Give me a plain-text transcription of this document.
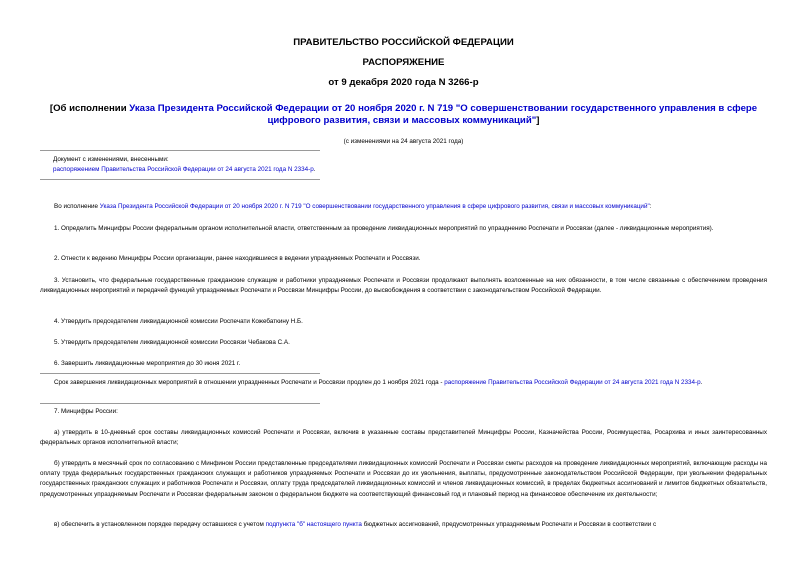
ПРАВИТЕЛЬСТВО РОССИЙСКОЙ ФЕДЕРАЦИИ
РАСПОРЯЖЕНИЕ
от 9 декабря 2020 года N 3266-р
[Об исполнении Указа Президента Российской Федерации от 20 ноября 2020 г. N 719 "О совершенствовании государственного управления в сфере цифрового развития, связи и массовых коммуникаций"]
(с изменениями на 24 августа 2021 года)
Документ с изменениями, внесенными:
распоряжением Правительства Российской Федерации от 24 августа 2021 года N 2334-р.
Во исполнение Указа Президента Российской Федерации от 20 ноября 2020 г. N 719 "О совершенствовании государственного управления в сфере цифрового развития, связи и массовых коммуникаций":
1. Определить Минцифры России федеральным органом исполнительной власти, ответственным за проведение ликвидационных мероприятий по упразднению Роспечати и Россвязи (далее - ликвидационные мероприятия).
2. Отнести к ведению Минцифры России организации, ранее находившиеся в ведении упраздняемых Роспечати и Россвязи.
3. Установить, что федеральные государственные гражданские служащие и работники упраздняемых Роспечати и Россвязи продолжают выполнять возложенные на них обязанности, в том числе связанные с обеспечением проведения ликвидационных мероприятий и передачей функций упраздняемых Роспечати и Россвязи Минцифры России, до высвобождения в соответствии с законодательством Российской Федерации.
4. Утвердить председателем ликвидационной комиссии Роспечати Кожебаткину Н.Б.
5. Утвердить председателем ликвидационной комиссии Россвязи Чебакова С.А.
6. Завершить ликвидационные мероприятия до 30 июня 2021 г.
Срок завершения ликвидационных мероприятий в отношении упраздненных Роспечати и Россвязи продлен до 1 ноября 2021 года - распоряжение Правительства Российской Федерации от 24 августа 2021 года N 2334-р.
7. Минцифры России:
а) утвердить в 10-дневный срок составы ликвидационных комиссий Роспечати и Россвязи, включив в указанные составы представителей Минцифры России, Казначейства России, Росимущества, Росархива и иных заинтересованных федеральных органов исполнительной власти;
б) утвердить в месячный срок по согласованию с Минфином России представленные председателями ликвидационных комиссий Роспечати и Россвязи сметы расходов на проведение ликвидационных мероприятий, включающие расходы на оплату труда федеральных государственных гражданских служащих и работников упраздняемых Роспечати и Россвязи до их увольнения, выплаты, предусмотренные законодательством Российской Федерации, при увольнении федеральных государственных гражданских служащих и работников Роспечати и Россвязи, оплату труда председателей ликвидационных комиссий и членов ликвидационных комиссий, в пределах бюджетных ассигнований и лимитов бюджетных обязательств, предусмотренных упраздняемым Роспечати и Россвязи федеральным законом о федеральном бюджете на соответствующий финансовый год и плановый период на финансовое обеспечение их деятельности;
в) обеспечить в установленном порядке передачу оставшихся с учетом подпункта "б" настоящего пункта бюджетных ассигнований, предусмотренных упраздняемым Роспечати и Россвязи в соответствии с
